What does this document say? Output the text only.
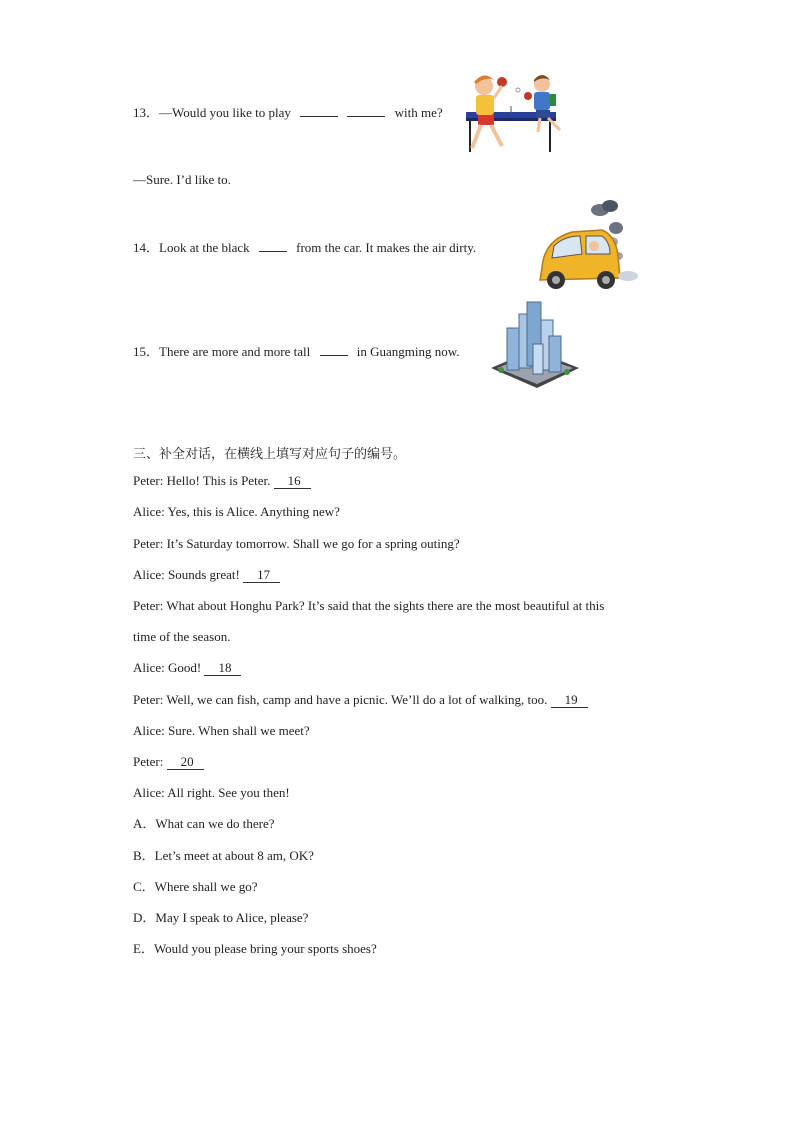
13．—Would you like to play	with me?
—Sure. I’d like to.
14．Look at the black	from the car. It makes the air dirty.
15．There are more and more tall	in Guangming now.
三、补全对话，在横线上填写对应句子的编号。
Peter: Hello! This is Peter. 16
Alice: Yes, this is Alice. Anything new?
Peter: It’s Saturday tomorrow. Shall we go for a spring outing?
Alice: Sounds great! 17
Peter: What about Honghu Park? It’s said that the sights there are the most beautiful at this
time of the season.
Alice: Good! 18
Peter: Well, we can fish, camp and have a picnic. We’ll do a lot of walking, too. 19
Alice: Sure. When shall we meet?
Peter: 20
Alice: All right. See you then!
A．What can we do there?
B．Let’s meet at about 8 am, OK?
C．Where shall we go?
D．May I speak to Alice, please?
E．Would you please bring your sports shoes?
